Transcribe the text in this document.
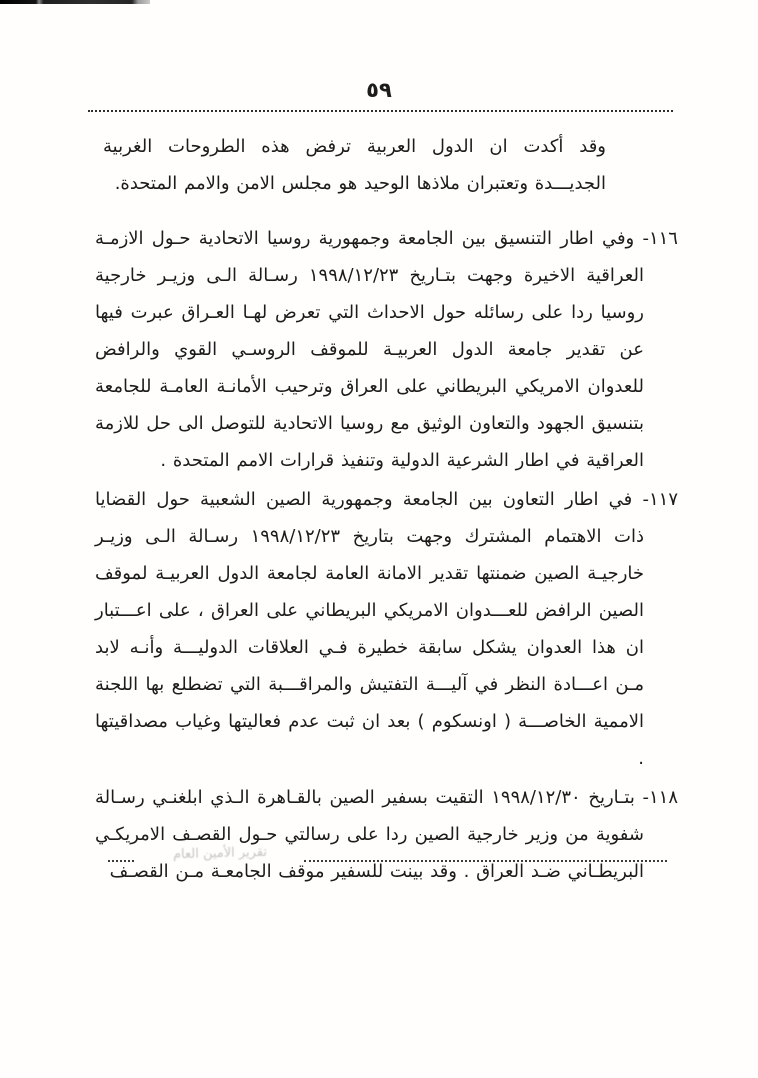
٥٩

وقد أكدت ان الدول العربية ترفض هذه الطروحات الغربية الجديـــدة وتعتبران ملاذها الوحيد هو مجلس الامن والامم المتحدة.

١١٦- وفي اطار التنسيق بين الجامعة وجمهورية روسيا الاتحادية حـول الازمـة العراقية الاخيرة وجهت بتـاريخ ١٩٩٨/١٢/٢٣ رسـالة الـى وزيـر خارجية روسيا ردا على رسائله حول الاحداث التي تعرض لهـا العـراق عبرت فيها عن تقدير جامعة الدول العربيـة للموقف الروسـي القوي والرافض للعدوان الامريكي البريطاني على العراق وترحيب الأمانـة العامـة للجامعة بتنسيق الجهود والتعاون الوثيق مع روسيا الاتحادية للتوصل الى حل للازمة العراقية في اطار الشرعية الدولية وتنفيذ قرارات الامم المتحدة .

١١٧- في اطار التعاون بين الجامعة وجمهورية الصين الشعبية حول القضايا ذات الاهتمام المشترك وجهت بتاريخ ١٩٩٨/١٢/٢٣ رسـالة الـى وزيـر خارجيـة الصين ضمنتها تقدير الامانة العامة لجامعة الدول العربيـة لموقف الصين الرافض للعـــدوان الامريكي البريطاني على العراق ، على اعـــتبار ان هذا العدوان يشكل سابقة خطيرة فـي العلاقات الدوليـــة وأنـه لابد مـن اعـــادة النظر في آليـــة التفتيش والمراقـــبة التي تضطلع بها اللجنة الاممية الخاصـــة ( اونسكوم ) بعد ان ثبت عدم فعاليتها وغياب مصداقيتها .

١١٨- بتـاريخ ١٩٩٨/١٢/٣٠ التقيت بسفير الصين بالقـاهرة الـذي ابلغنـي رسـالة شفوية من وزير خارجية الصين ردا على رسالتي حـول القصـف الامريكـي البريطـاني ضـد العراق . وقد بينت للسفير موقف الجامعـة مـن القصـف

تقرير الأمين العام
